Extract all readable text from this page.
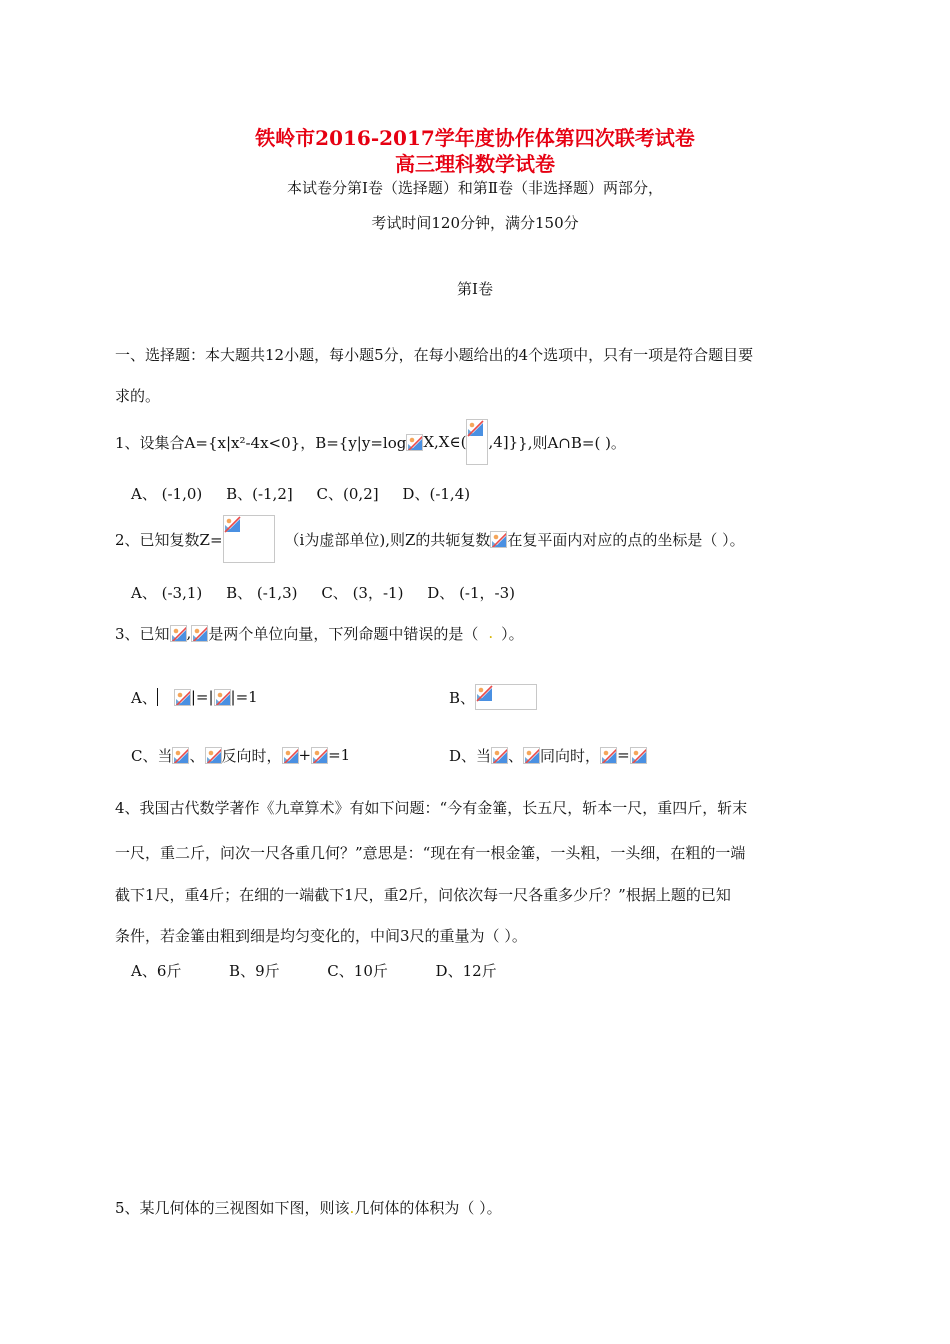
铁岭市2016-2017学年度协作体第四次联考试卷
高三理科数学试卷
本试卷分第Ⅰ卷（选择题）和第Ⅱ卷（非选择题）两部分，
考试时间120分钟，满分150分
第Ⅰ卷
一、选择题：本大题共12小题，每小题5分，在每小题给出的4个选项中，只有一项是符合题目要
求的。
1、设集合A={x|x²-4x<0}，B={y|y=log X,X∈( ,4]} },则A∩B=( )。
A、 (-1,0)     B、(-1,2]     C、(0,2]     D、(-1,4)
2、已知复数Z=	（i为虚部单位),则Z的共轭复数 在复平面内对应的点的坐标是（ ）。
A、 (-3,1)     B、 (-1,3)     C、 (3，-1)     D、 (-1，-3)
3、已知 , 是两个单位向量，下列命题中错误的是（ . ）。
A、 |=| |=1	B、
C、当 、 反向时， + =1	D、当 、 同向时， =
4、我国古代数学著作《九章算术》有如下问题：“今有金箠，长五尺，斩本一尺，重四斤，斩末
一尺，重二斤，问次一尺各重几何？”意思是：“现在有一根金箠，一头粗，一头细，在粗的一端
截下1尺，重4斤；在细的一端截下1尺，重2斤，问依次每一尺各重多少斤？”根据上题的已知
条件，若金箠由粗到细是均匀变化的，中间3尺的重量为（ ）。
A、6斤          B、9斤          C、10斤          D、12斤
5、某几何体的三视图如下图，则该.几何体的体积为（ ）。
